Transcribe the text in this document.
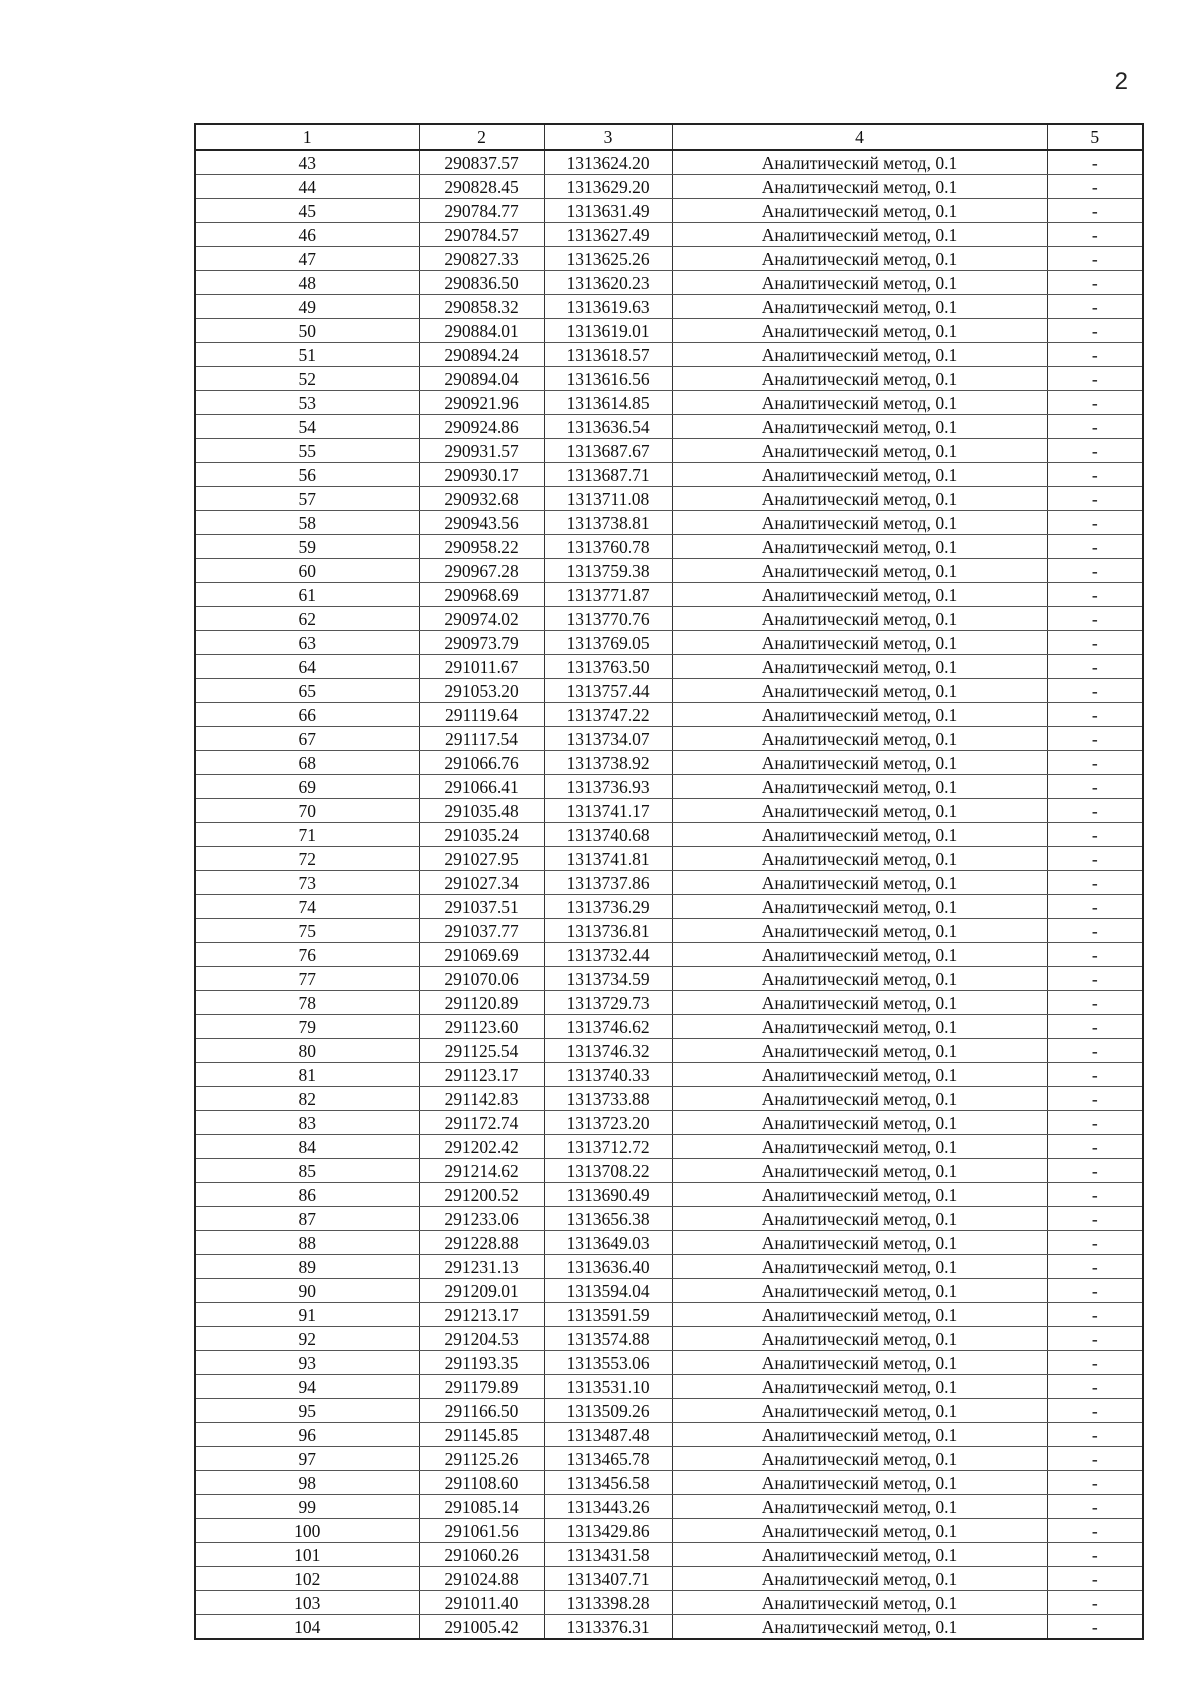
2
1	2	3	4	5
43	290837.57	1313624.20	Аналитический метод, 0.1	-
44	290828.45	1313629.20	Аналитический метод, 0.1	-
45	290784.77	1313631.49	Аналитический метод, 0.1	-
46	290784.57	1313627.49	Аналитический метод, 0.1	-
47	290827.33	1313625.26	Аналитический метод, 0.1	-
48	290836.50	1313620.23	Аналитический метод, 0.1	-
49	290858.32	1313619.63	Аналитический метод, 0.1	-
50	290884.01	1313619.01	Аналитический метод, 0.1	-
51	290894.24	1313618.57	Аналитический метод, 0.1	-
52	290894.04	1313616.56	Аналитический метод, 0.1	-
53	290921.96	1313614.85	Аналитический метод, 0.1	-
54	290924.86	1313636.54	Аналитический метод, 0.1	-
55	290931.57	1313687.67	Аналитический метод, 0.1	-
56	290930.17	1313687.71	Аналитический метод, 0.1	-
57	290932.68	1313711.08	Аналитический метод, 0.1	-
58	290943.56	1313738.81	Аналитический метод, 0.1	-
59	290958.22	1313760.78	Аналитический метод, 0.1	-
60	290967.28	1313759.38	Аналитический метод, 0.1	-
61	290968.69	1313771.87	Аналитический метод, 0.1	-
62	290974.02	1313770.76	Аналитический метод, 0.1	-
63	290973.79	1313769.05	Аналитический метод, 0.1	-
64	291011.67	1313763.50	Аналитический метод, 0.1	-
65	291053.20	1313757.44	Аналитический метод, 0.1	-
66	291119.64	1313747.22	Аналитический метод, 0.1	-
67	291117.54	1313734.07	Аналитический метод, 0.1	-
68	291066.76	1313738.92	Аналитический метод, 0.1	-
69	291066.41	1313736.93	Аналитический метод, 0.1	-
70	291035.48	1313741.17	Аналитический метод, 0.1	-
71	291035.24	1313740.68	Аналитический метод, 0.1	-
72	291027.95	1313741.81	Аналитический метод, 0.1	-
73	291027.34	1313737.86	Аналитический метод, 0.1	-
74	291037.51	1313736.29	Аналитический метод, 0.1	-
75	291037.77	1313736.81	Аналитический метод, 0.1	-
76	291069.69	1313732.44	Аналитический метод, 0.1	-
77	291070.06	1313734.59	Аналитический метод, 0.1	-
78	291120.89	1313729.73	Аналитический метод, 0.1	-
79	291123.60	1313746.62	Аналитический метод, 0.1	-
80	291125.54	1313746.32	Аналитический метод, 0.1	-
81	291123.17	1313740.33	Аналитический метод, 0.1	-
82	291142.83	1313733.88	Аналитический метод, 0.1	-
83	291172.74	1313723.20	Аналитический метод, 0.1	-
84	291202.42	1313712.72	Аналитический метод, 0.1	-
85	291214.62	1313708.22	Аналитический метод, 0.1	-
86	291200.52	1313690.49	Аналитический метод, 0.1	-
87	291233.06	1313656.38	Аналитический метод, 0.1	-
88	291228.88	1313649.03	Аналитический метод, 0.1	-
89	291231.13	1313636.40	Аналитический метод, 0.1	-
90	291209.01	1313594.04	Аналитический метод, 0.1	-
91	291213.17	1313591.59	Аналитический метод, 0.1	-
92	291204.53	1313574.88	Аналитический метод, 0.1	-
93	291193.35	1313553.06	Аналитический метод, 0.1	-
94	291179.89	1313531.10	Аналитический метод, 0.1	-
95	291166.50	1313509.26	Аналитический метод, 0.1	-
96	291145.85	1313487.48	Аналитический метод, 0.1	-
97	291125.26	1313465.78	Аналитический метод, 0.1	-
98	291108.60	1313456.58	Аналитический метод, 0.1	-
99	291085.14	1313443.26	Аналитический метод, 0.1	-
100	291061.56	1313429.86	Аналитический метод, 0.1	-
101	291060.26	1313431.58	Аналитический метод, 0.1	-
102	291024.88	1313407.71	Аналитический метод, 0.1	-
103	291011.40	1313398.28	Аналитический метод, 0.1	-
104	291005.42	1313376.31	Аналитический метод, 0.1	-
